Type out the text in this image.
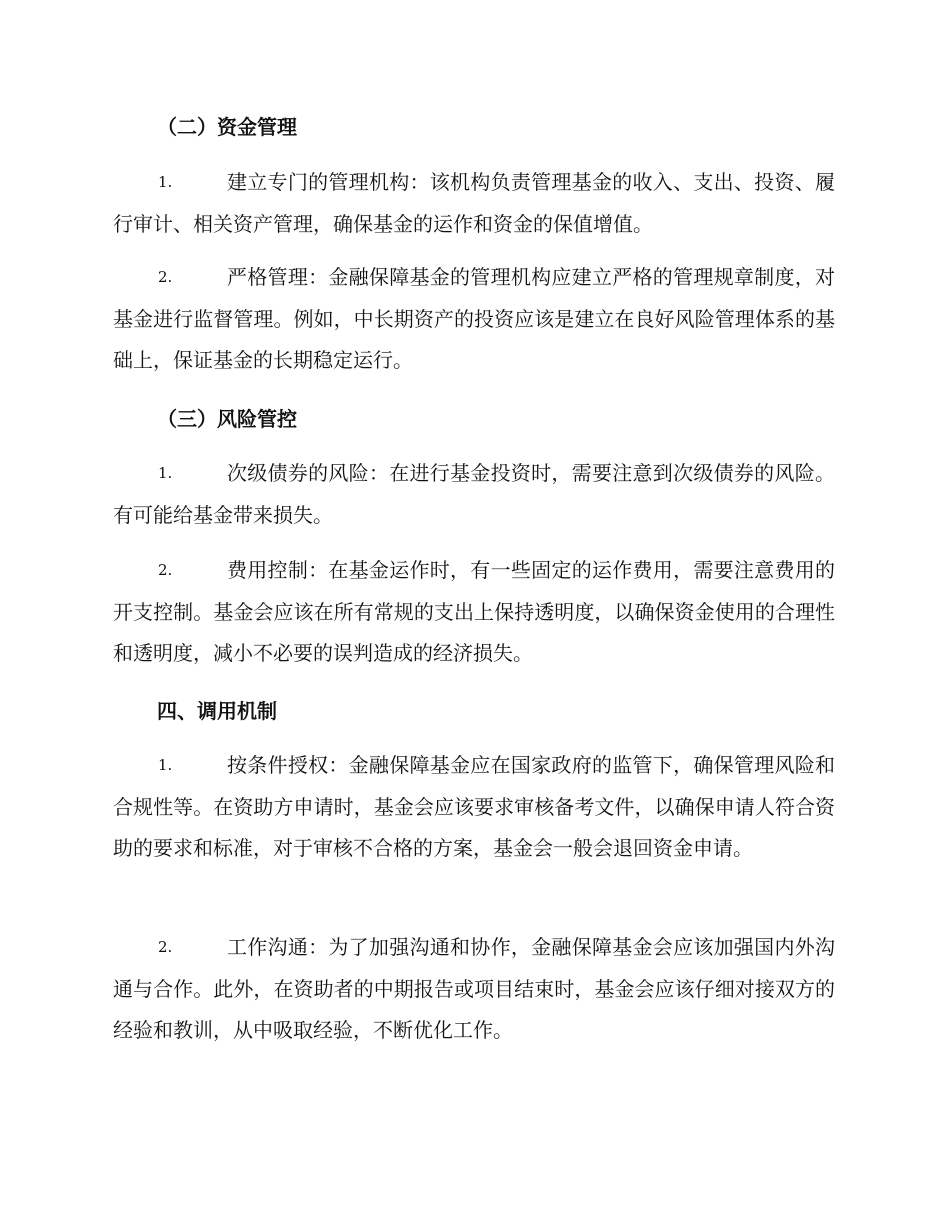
（二）资金管理
1.	建立专门的管理机构：该机构负责管理基金的收入、支出、投资、履行审计、相关资产管理，确保基金的运作和资金的保值增值。
2.	严格管理：金融保障基金的管理机构应建立严格的管理规章制度，对基金进行监督管理。例如，中长期资产的投资应该是建立在良好风险管理体系的基础上，保证基金的长期稳定运行。
（三）风险管控
1.	次级债券的风险：在进行基金投资时，需要注意到次级债券的风险。有可能给基金带来损失。
2.	费用控制：在基金运作时，有一些固定的运作费用，需要注意费用的开支控制。基金会应该在所有常规的支出上保持透明度，以确保资金使用的合理性和透明度，减小不必要的误判造成的经济损失。
四、调用机制
1.	按条件授权：金融保障基金应在国家政府的监管下，确保管理风险和合规性等。在资助方申请时，基金会应该要求审核备考文件，以确保申请人符合资助的要求和标准，对于审核不合格的方案，基金会一般会退回资金申请。
2.	工作沟通：为了加强沟通和协作，金融保障基金会应该加强国内外沟通与合作。此外，在资助者的中期报告或项目结束时，基金会应该仔细对接双方的经验和教训，从中吸取经验，不断优化工作。
